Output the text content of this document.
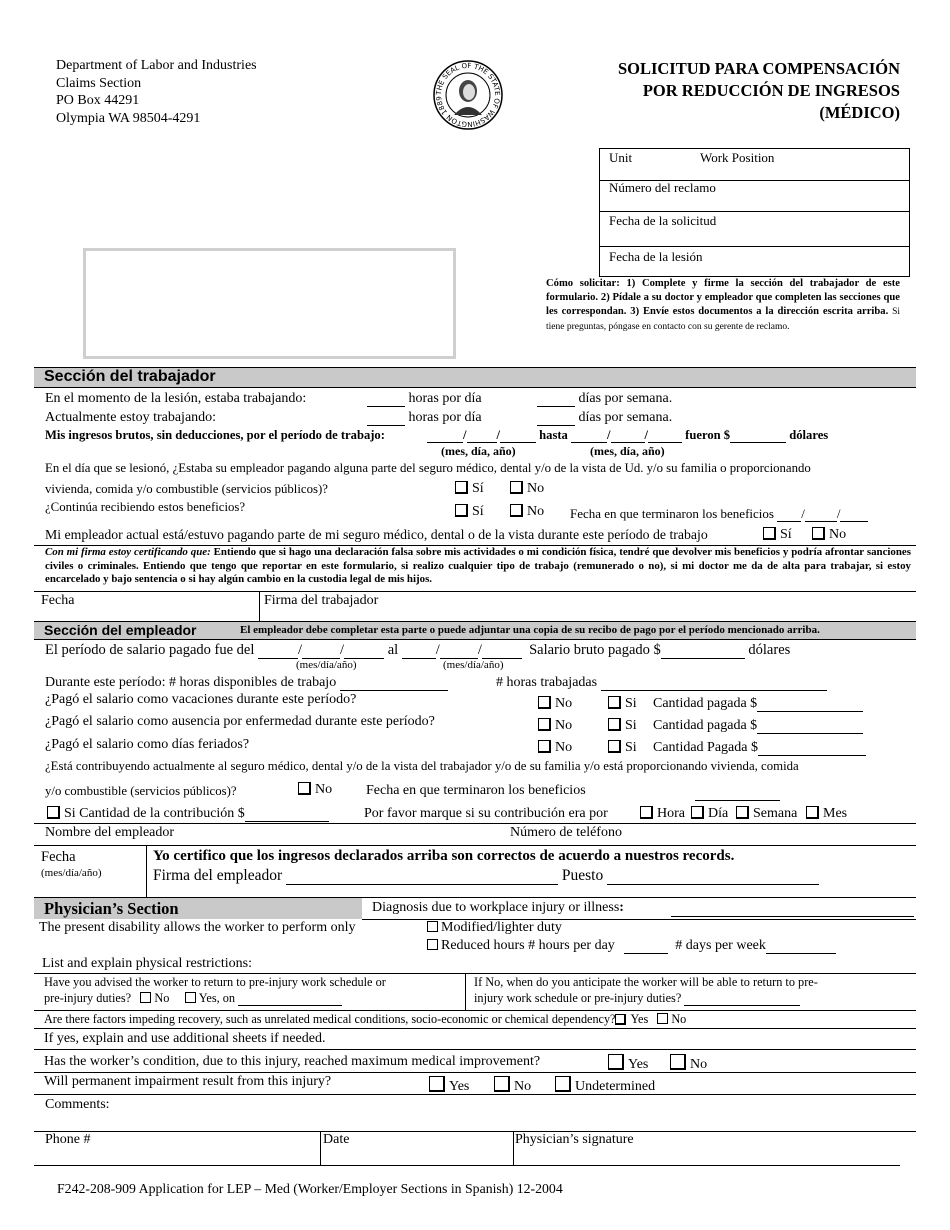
Department of Labor and Industries
Claims Section
PO Box 44291
Olympia WA 98504-4291
THE SEAL OF THE STATE OF WASHINGTON 1889
SOLICITUD PARA COMPENSACIÓN
POR REDUCCIÓN DE INGRESOS
(MÉDICO)
Unit	Work Position
Número del reclamo
Fecha de la solicitud
Fecha de la lesión
Cómo solicitar: 1) Complete y firme la sección del trabajador de este formulario. 2) Pídale a su doctor y empleador que completen las secciones que les correspondan. 3) Envíe estos documentos a la dirección escrita arriba. Si tiene preguntas, póngase en contacto con su gerente de reclamo.
Sección del trabajador
En el momento de la lesión, estaba trabajando:	horas por día	días por semana.
Actualmente estoy trabajando:	horas por día	días por semana.
Mis ingresos brutos, sin deducciones, por el período de trabajo:	/ /	hasta	/	/	fueron $	dólares
(mes, día, año)	(mes, día, año)
En el día que se lesionó, ¿Estaba su empleador pagando alguna parte del seguro médico, dental y/o de la vista de Ud. y/o su familia o proporcionando
vivienda, comida y/o combustible (servicios públicos)?	Sí	No
¿Continúa recibiendo estos beneficios?	Sí	No Fecha en que terminaron los beneficios / /
Mi empleador actual está/estuvo pagando parte de mi seguro médico, dental o de la vista durante este período de trabajo	Sí	No
Con mi firma estoy certificando que: Entiendo que si hago una declaración falsa sobre mis actividades o mi condición física, tendré que devolver mis beneficios y podría afrontar sanciones civiles o criminales. Entiendo que tengo que reportar en este formulario, si realizo cualquier tipo de trabajo (remunerado o no), si mi doctor me da de alta para trabajar, si estoy encarcelado y bajo sentencia o si hay algún cambio en la custodia legal de mis hijos.
Fecha	Firma del trabajador
Sección del empleador	El empleador debe completar esta parte o puede adjuntar una copia de su recibo de pago por el período mencionado arriba.
El período de salario pagado fue del	/	/	al	/	/	Salario bruto pagado $	dólares
(mes/día/año)	(mes/día/año)
Durante este período: # horas disponibles de trabajo	# horas trabajadas
¿Pagó el salario como vacaciones durante este período?	No	Si Cantidad pagada $
¿Pagó el salario como ausencia por enfermedad durante este período?	No	Si Cantidad pagada $
¿Pagó el salario como días feriados?	No	Si Cantidad Pagada $
¿Está contribuyendo actualmente al seguro médico, dental y/o de la vista del trabajador y/o de su familia y/o está proporcionando vivienda, comida
y/o combustible (servicios públicos)?	No Fecha en que terminaron los beneficios
Si Cantidad de la contribución $	Por favor marque si su contribución era por	Hora	Día	Semana	Mes
Nombre del empleador	Número de teléfono
Fecha
(mes/día/año)
Yo certifico que los ingresos declarados arriba son correctos de acuerdo a nuestros records.
Firma del empleador	Puesto
Physician’s Section	Diagnosis due to workplace injury or illness:
The present disability allows the worker to perform only	Modified/lighter duty
Reduced hours # hours per day	# days per week
List and explain physical restrictions:
Have you advised the worker to return to pre-injury work schedule or
pre-injury duties? No Yes, on
If No, when do you anticipate the worker will be able to return to pre-
injury work schedule or pre-injury duties?
Are there factors impeding recovery, such as unrelated medical conditions, socio-economic or chemical dependency? Yes No
If yes, explain and use additional sheets if needed.
Has the worker’s condition, due to this injury, reached maximum medical improvement?	Yes	No
Will permanent impairment result from this injury?	Yes	No	Undetermined
Comments:
Phone #	Date	Physician’s signature
F242-208-909 Application for LEP – Med (Worker/Employer Sections in Spanish) 12-2004
